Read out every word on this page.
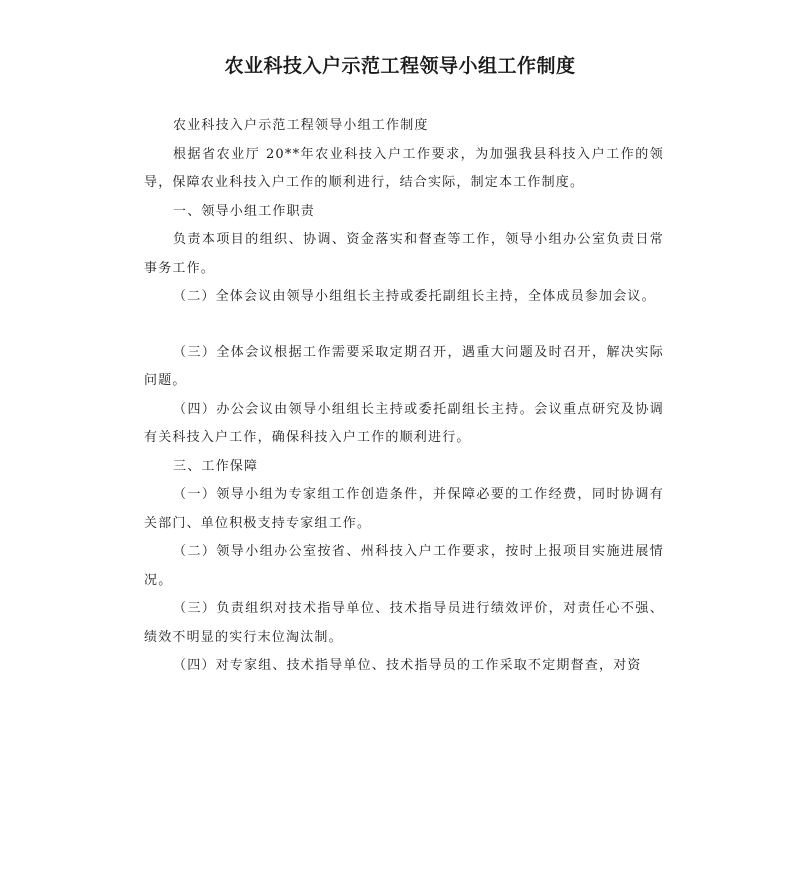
农业科技入户示范工程领导小组工作制度

农业科技入户示范工程领导小组工作制度

根据省农业厅 20**年农业科技入户工作要求，为加强我县科技入户工作的领导，保障农业科技入户工作的顺利进行，结合实际，制定本工作制度。

一、领导小组工作职责

负责本项目的组织、协调、资金落实和督查等工作，领导小组办公室负责日常事务工作。

（二）全体会议由领导小组组长主持或委托副组长主持，全体成员参加会议。

（三）全体会议根据工作需要采取定期召开，遇重大问题及时召开，解决实际问题。

（四）办公会议由领导小组组长主持或委托副组长主持。会议重点研究及协调有关科技入户工作，确保科技入户工作的顺利进行。

三、工作保障

（一）领导小组为专家组工作创造条件，并保障必要的工作经费，同时协调有关部门、单位积极支持专家组工作。

（二）领导小组办公室按省、州科技入户工作要求，按时上报项目实施进展情况。

（三）负责组织对技术指导单位、技术指导员进行绩效评价，对责任心不强、绩效不明显的实行末位淘汰制。

（四）对专家组、技术指导单位、技术指导员的工作采取不定期督查，对资
